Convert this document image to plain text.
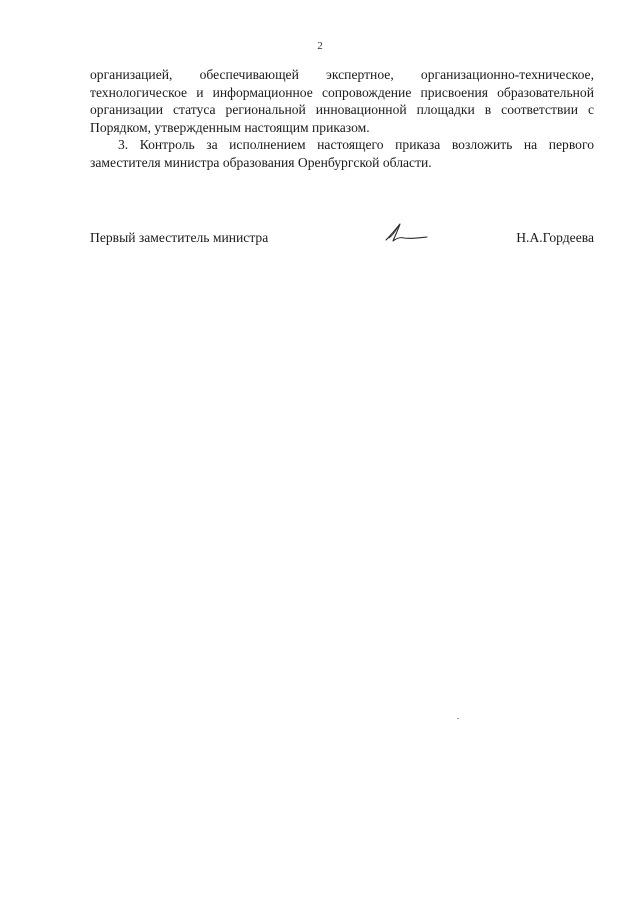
2

организацией, обеспечивающей экспертное, организационно-техническое, технологическое и информационное сопровождение присвоения образовательной организации статуса региональной инновационной площадки в соответствии с Порядком, утвержденным настоящим приказом.

3. Контроль за исполнением настоящего приказа возложить на первого заместителя министра образования Оренбургской области.

Первый заместитель министра	Н.А.Гордеева
